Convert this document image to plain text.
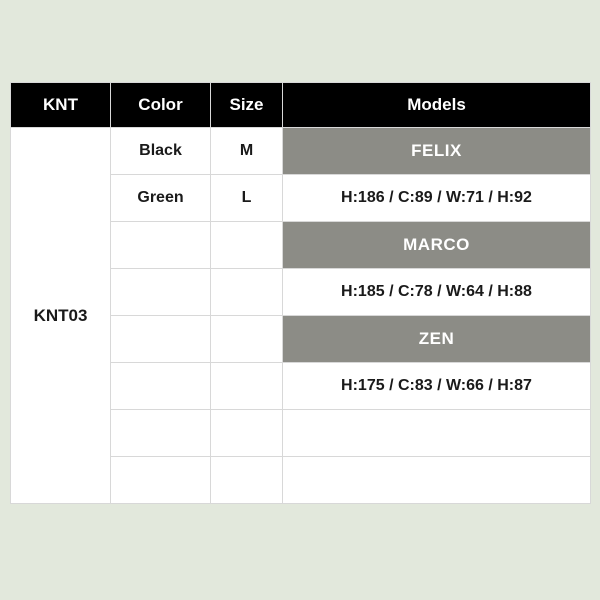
KNT	Color	Size	Models
KNT03	Black	M	FELIX
	Green	L	H:186 / C:89 / W:71 / H:92
			MARCO
			H:185 / C:78 / W:64 / H:88
			ZEN
			H:175 / C:83 / W:66 / H:87
